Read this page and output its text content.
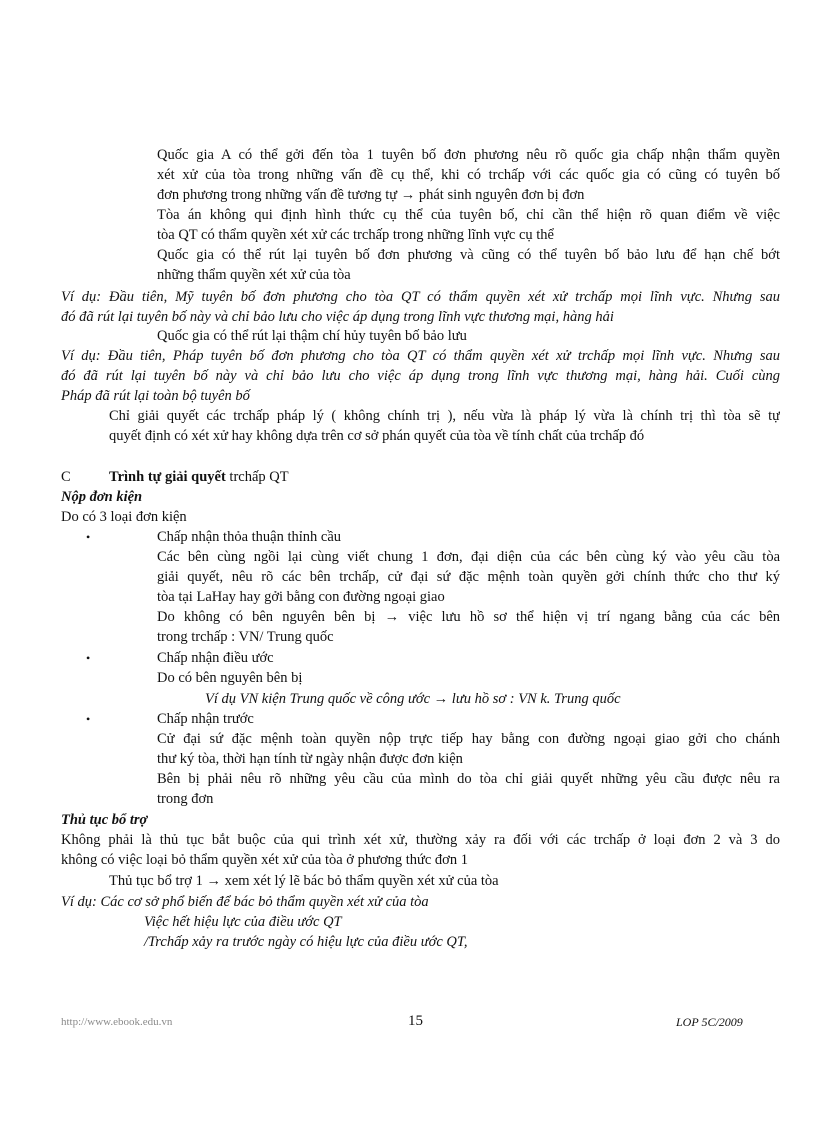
Quốc gia A có thể gởi đến tòa 1 tuyên bố đơn phương nêu rõ quốc gia chấp nhận thẩm quyền
xét xử của tòa trong những vấn đề cụ thể, khi có trchấp với các quốc gia có cũng có tuyên bố
đơn phương trong những vấn đề tương tự → phát sinh nguyên đơn bị đơn
Tòa án không qui định hình thức cụ thể của tuyên bố, chỉ cần thể hiện rõ quan điểm về việc
tòa QT có thẩm quyền xét xử các trchấp trong những lĩnh vực cụ thể
Quốc gia có thể rút lại tuyên bố đơn phương và cũng có thể tuyên bố bảo lưu để hạn chế bớt
những thẩm quyền xét xử của tòa
Ví dụ: Đầu tiên, Mỹ tuyên bố đơn phương cho tòa QT có thẩm quyền xét xử trchấp mọi lĩnh vực. Nhưng sau
đó đã rút lại tuyên bố này và chỉ bảo lưu cho việc áp dụng trong lĩnh vực thương mại, hàng hải
Quốc gia có thể rút lại thậm chí hủy tuyên bố bảo lưu
Ví dụ: Đầu tiên, Pháp tuyên bố đơn phương cho tòa QT có thẩm quyền xét xử trchấp mọi lĩnh vực. Nhưng sau
đó đã rút lại tuyên bố này và chỉ bảo lưu cho việc áp dụng trong lĩnh vực thương mại, hàng hải. Cuối cùng
Pháp đã rút lại toàn bộ tuyên bố
Chỉ giải quyết các trchấp pháp lý ( không chính trị ), nếu vừa là pháp lý vừa là chính trị thì tòa sẽ tự
quyết định có xét xử hay không dựa trên cơ sở phán quyết của tòa về tính chất của trchấp đó
C	Trình tự giải quyết trchấp QT
Nộp đơn kiện
Do có 3 loại đơn kiện
•	Chấp nhận thỏa thuận thỉnh cầu
Các bên cùng ngồi lại cùng viết chung 1 đơn, đại diện của các bên cùng ký vào yêu cầu tòa
giải quyết, nêu rõ các bên trchấp, cử đại sứ đặc mệnh toàn quyền gởi chính thức cho thư ký
tòa tại LaHay hay gởi bằng con đường ngoại giao
Do không có bên nguyên bên bị → việc lưu hồ sơ thể hiện vị trí ngang bằng của các bên
trong trchấp : VN/ Trung quốc
•	Chấp nhận điều ước
Do có bên nguyên bên bị
Ví dụ VN kiện Trung quốc về công ước → lưu hồ sơ : VN k. Trung quốc
•	Chấp nhận trước
Cử đại sứ đặc mệnh toàn quyền nộp trực tiếp hay bằng con đường ngoại giao gởi cho chánh
thư ký tòa, thời hạn tính từ ngày nhận được đơn kiện
Bên bị phải nêu rõ những yêu cầu của mình do tòa chỉ giải quyết những yêu cầu được nêu ra
trong đơn
Thủ tục bổ trợ
Không phải là thủ tục bắt buộc của qui trình xét xử, thường xảy ra đối với các trchấp ở loại đơn 2 và 3 do
không có việc loại bỏ thẩm quyền xét xử của tòa ở phương thức đơn 1
Thủ tục bổ trợ 1 → xem xét lý lẽ bác bỏ thẩm quyền xét xử của tòa
Ví dụ: Các cơ sở phổ biến để bác bỏ thẩm quyền xét xử của tòa
Việc hết hiệu lực của điều ước QT
/Trchấp xảy ra trước ngày có hiệu lực của điều ước QT,
http://www.ebook.edu.vn	15	LOP 5C/2009
